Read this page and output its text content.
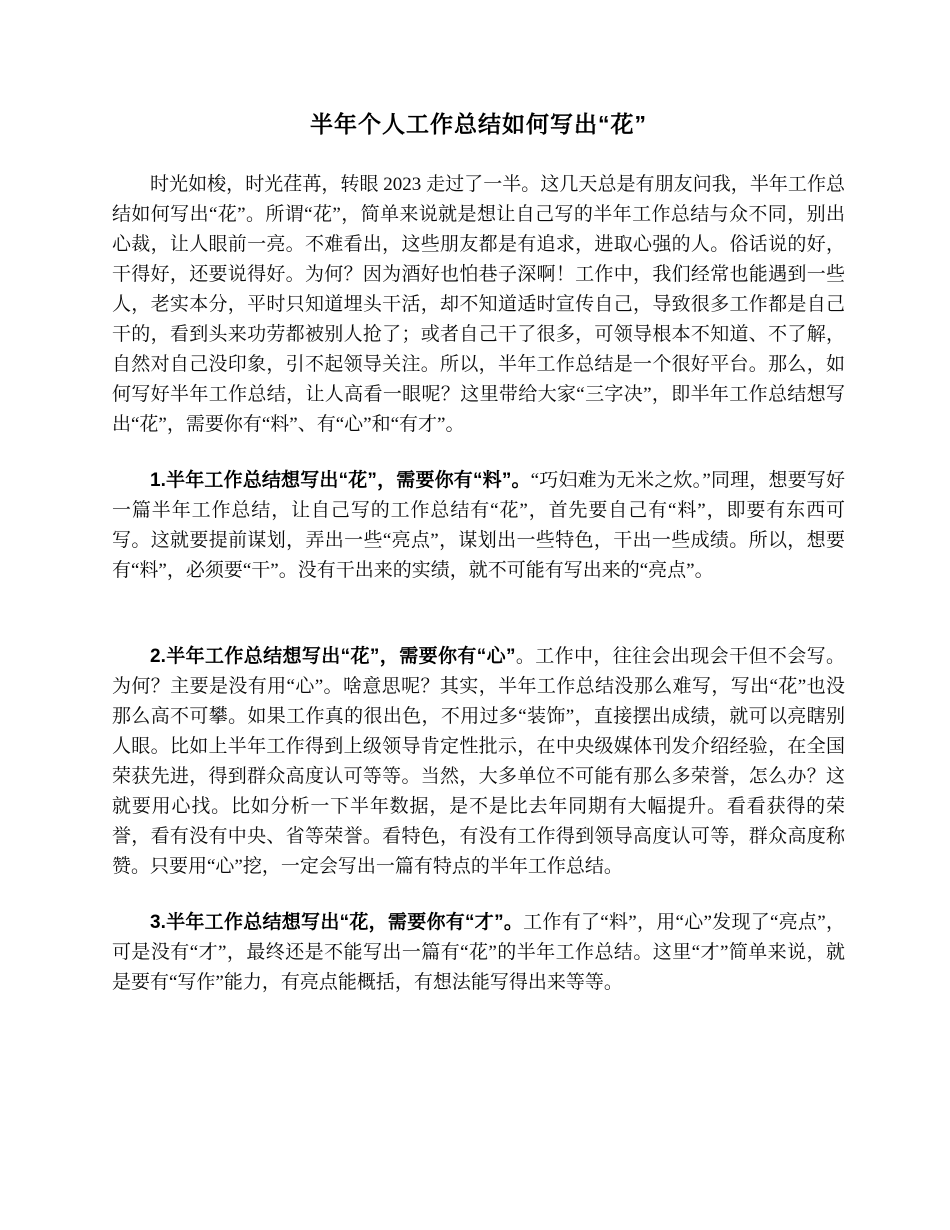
半年个人工作总结如何写出“花”

时光如梭，时光荏苒，转眼 2023 走过了一半。这几天总是有朋友问我，半年工作总结如何写出“花”。所谓“花”，简单来说就是想让自己写的半年工作总结与众不同，别出心裁，让人眼前一亮。不难看出，这些朋友都是有追求，进取心强的人。俗话说的好，干得好，还要说得好。为何？因为酒好也怕巷子深啊！工作中，我们经常也能遇到一些人，老实本分，平时只知道埋头干活，却不知道适时宣传自己，导致很多工作都是自己干的，看到头来功劳都被别人抢了；或者自己干了很多，可领导根本不知道、不了解，自然对自己没印象，引不起领导关注。所以，半年工作总结是一个很好平台。那么，如何写好半年工作总结，让人高看一眼呢？这里带给大家“三字决”，即半年工作总结想写出“花”，需要你有“料”、有“心”和“有才”。

1.半年工作总结想写出“花”，需要你有“料”。“巧妇难为无米之炊。”同理，想要写好一篇半年工作总结，让自己写的工作总结有“花”，首先要自己有“料”，即要有东西可写。这就要提前谋划，弄出一些“亮点”，谋划出一些特色，干出一些成绩。所以，想要有“料”，必须要“干”。没有干出来的实绩，就不可能有写出来的“亮点”。

2.半年工作总结想写出“花”，需要你有“心”。工作中，往往会出现会干但不会写。为何？主要是没有用“心”。啥意思呢？其实，半年工作总结没那么难写，写出“花”也没那么高不可攀。如果工作真的很出色，不用过多“装饰”，直接摆出成绩，就可以亮瞎别人眼。比如上半年工作得到上级领导肯定性批示，在中央级媒体刊发介绍经验，在全国荣获先进，得到群众高度认可等等。当然，大多单位不可能有那么多荣誉，怎么办？这就要用心找。比如分析一下半年数据，是不是比去年同期有大幅提升。看看获得的荣誉，看有没有中央、省等荣誉。看特色，有没有工作得到领导高度认可等，群众高度称赞。只要用“心”挖，一定会写出一篇有特点的半年工作总结。

3.半年工作总结想写出“花，需要你有“才”。工作有了“料”，用“心”发现了“亮点”，可是没有“才”，最终还是不能写出一篇有“花”的半年工作总结。这里“才”简单来说，就是要有“写作”能力，有亮点能概括，有想法能写得出来等等。
